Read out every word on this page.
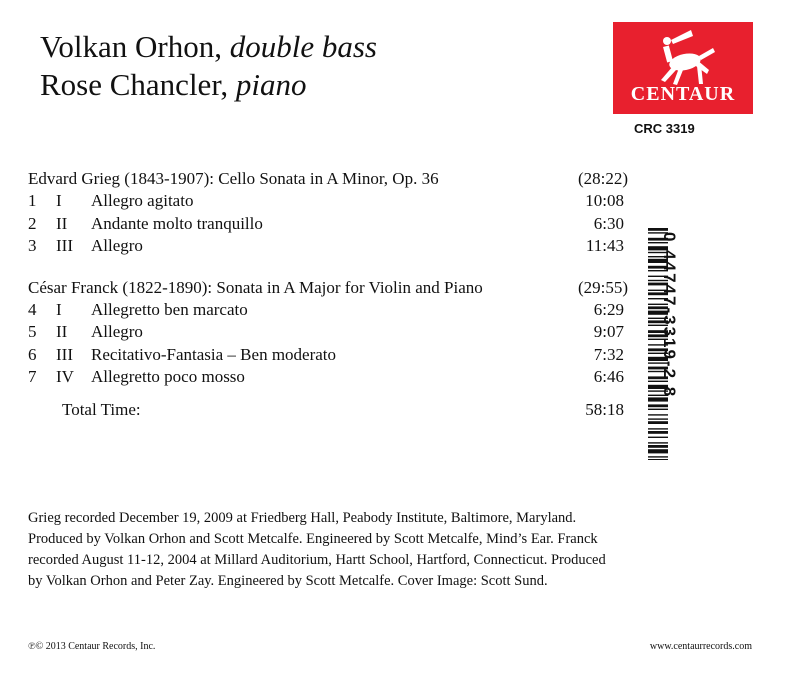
Volkan Orhon, double bass
Rose Chancler, piano	CENTAUR
CRC 3319
Edvard Grieg (1843-1907): Cello Sonata in A Minor, Op. 36	(28:22)
1 I Allegro agitato	10:08
2 II Andante molto tranquillo	6:30
3 III Allegro	11:43
César Franck (1822-1890): Sonata in A Major for Violin and Piano	(29:55)
4 I Allegretto ben marcato	6:29
5 II Allegro	9:07
6 III Recitativo-Fantasia – Ben moderato	7:32
7 IV Allegretto poco mosso	6:46
Total Time:	58:18
0 44747-3319-2 8
Grieg recorded December 19, 2009 at Friedberg Hall, Peabody Institute, Baltimore, Maryland.
Produced by Volkan Orhon and Scott Metcalfe. Engineered by Scott Metcalfe, Mind’s Ear. Franck
recorded August 11-12, 2004 at Millard Auditorium, Hartt School, Hartford, Connecticut. Produced
by Volkan Orhon and Peter Zay. Engineered by Scott Metcalfe. Cover Image: Scott Sund.
℗© 2013 Centaur Records, Inc.	www.centaurrecords.com
